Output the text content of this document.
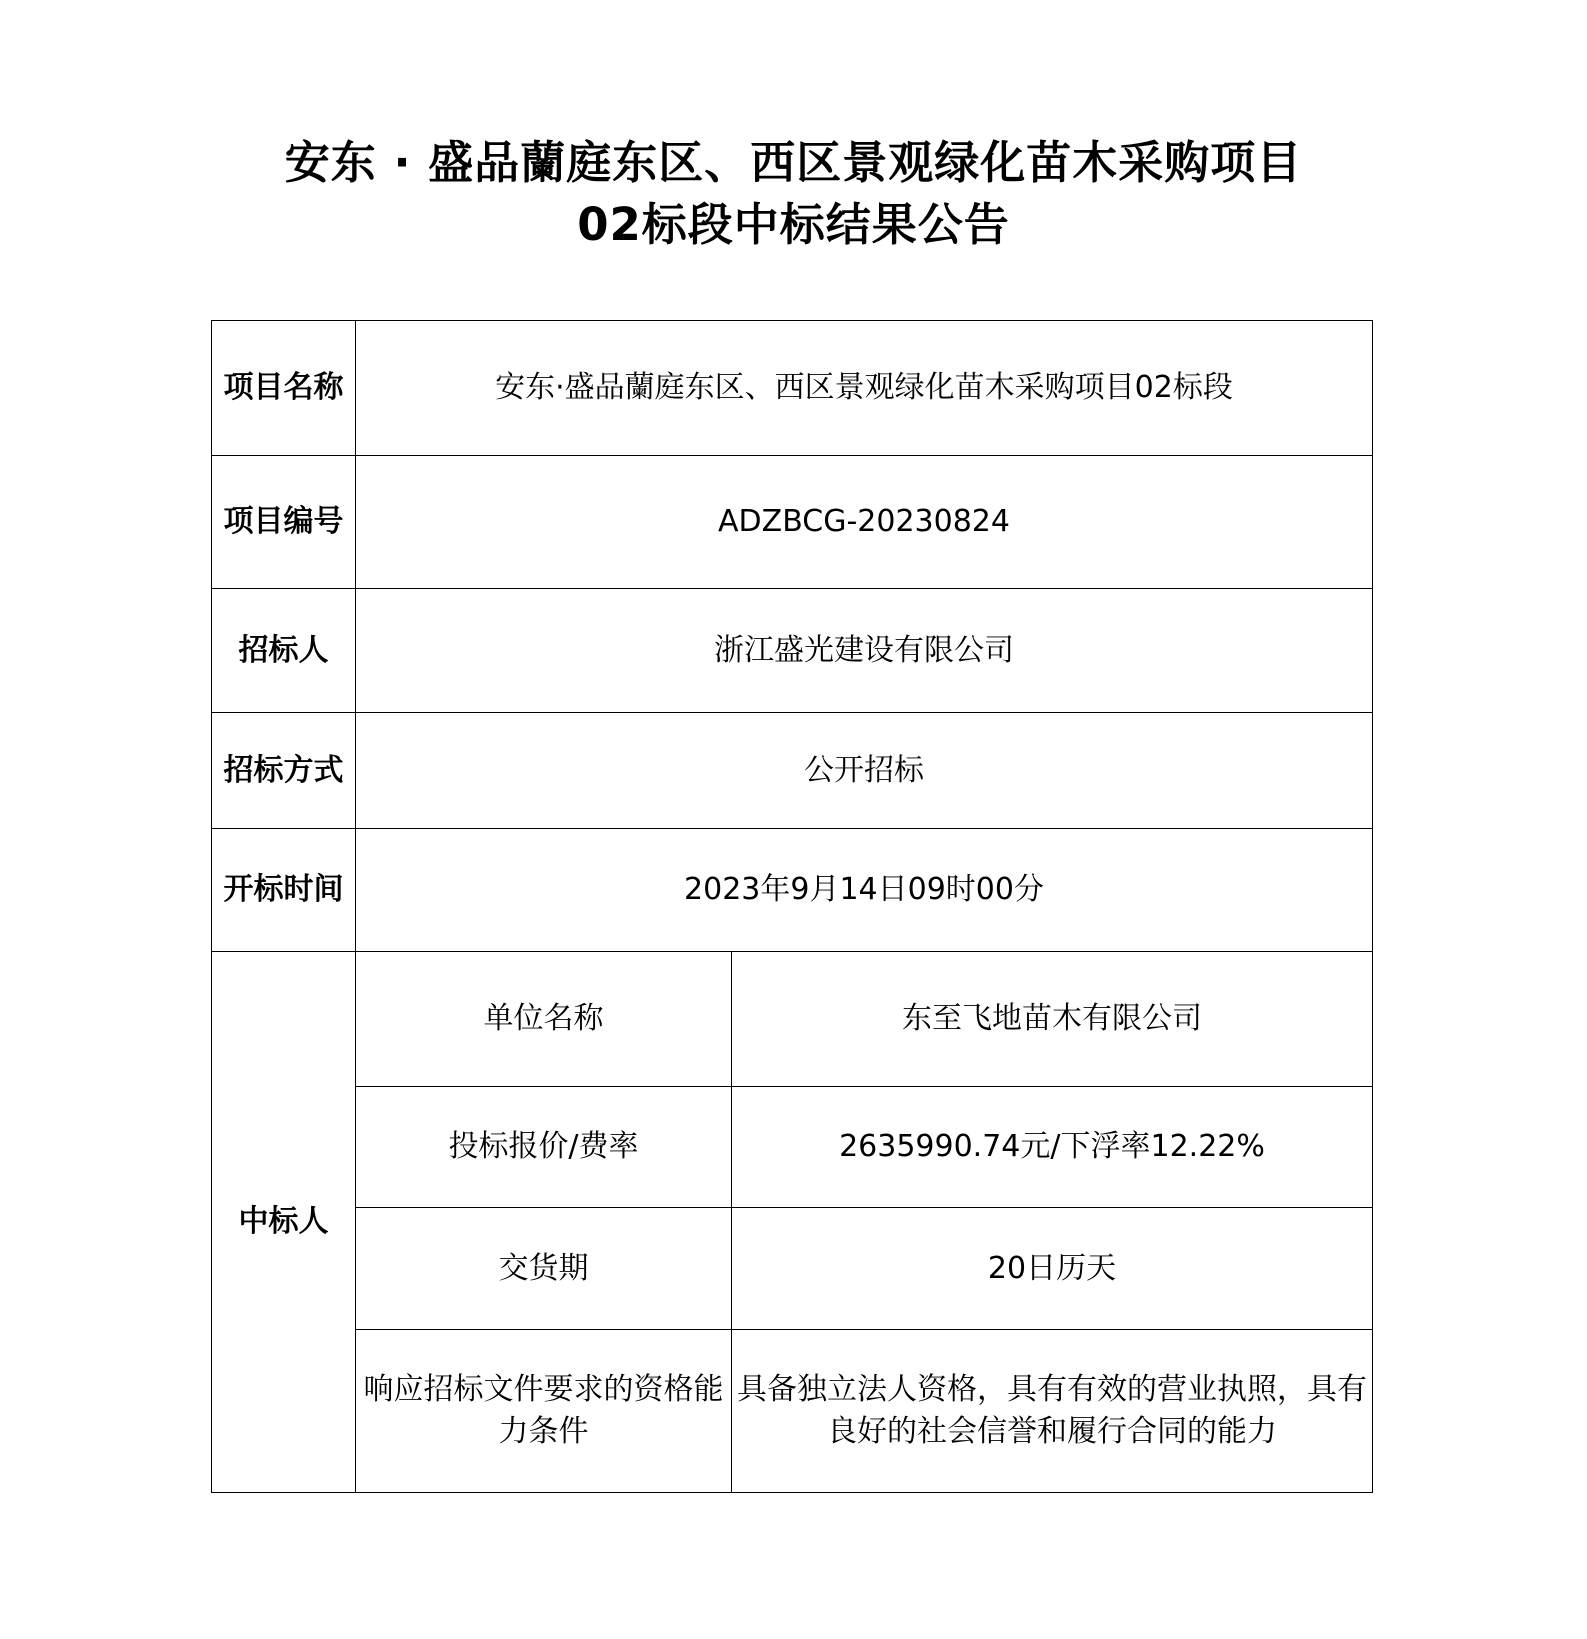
安东 · 盛品蘭庭东区、西区景观绿化苗木采购项目
02标段中标结果公告
项目名称	安东·盛品蘭庭东区、西区景观绿化苗木采购项目02标段	
项目编号	ADZBCG-20230824	
招标人	浙江盛光建设有限公司	
招标方式	公开招标	
开标时间	2023年9月14日09时00分	
中标人	单位名称	东至飞地苗木有限公司
	投标报价/费率	2635990.74元/下浮率12.22%
	交货期	20日历天
	响应招标文件要求的资格能力条件	具备独立法人资格，具有有效的营业执照，具有良好的社会信誉和履行合同的能力
